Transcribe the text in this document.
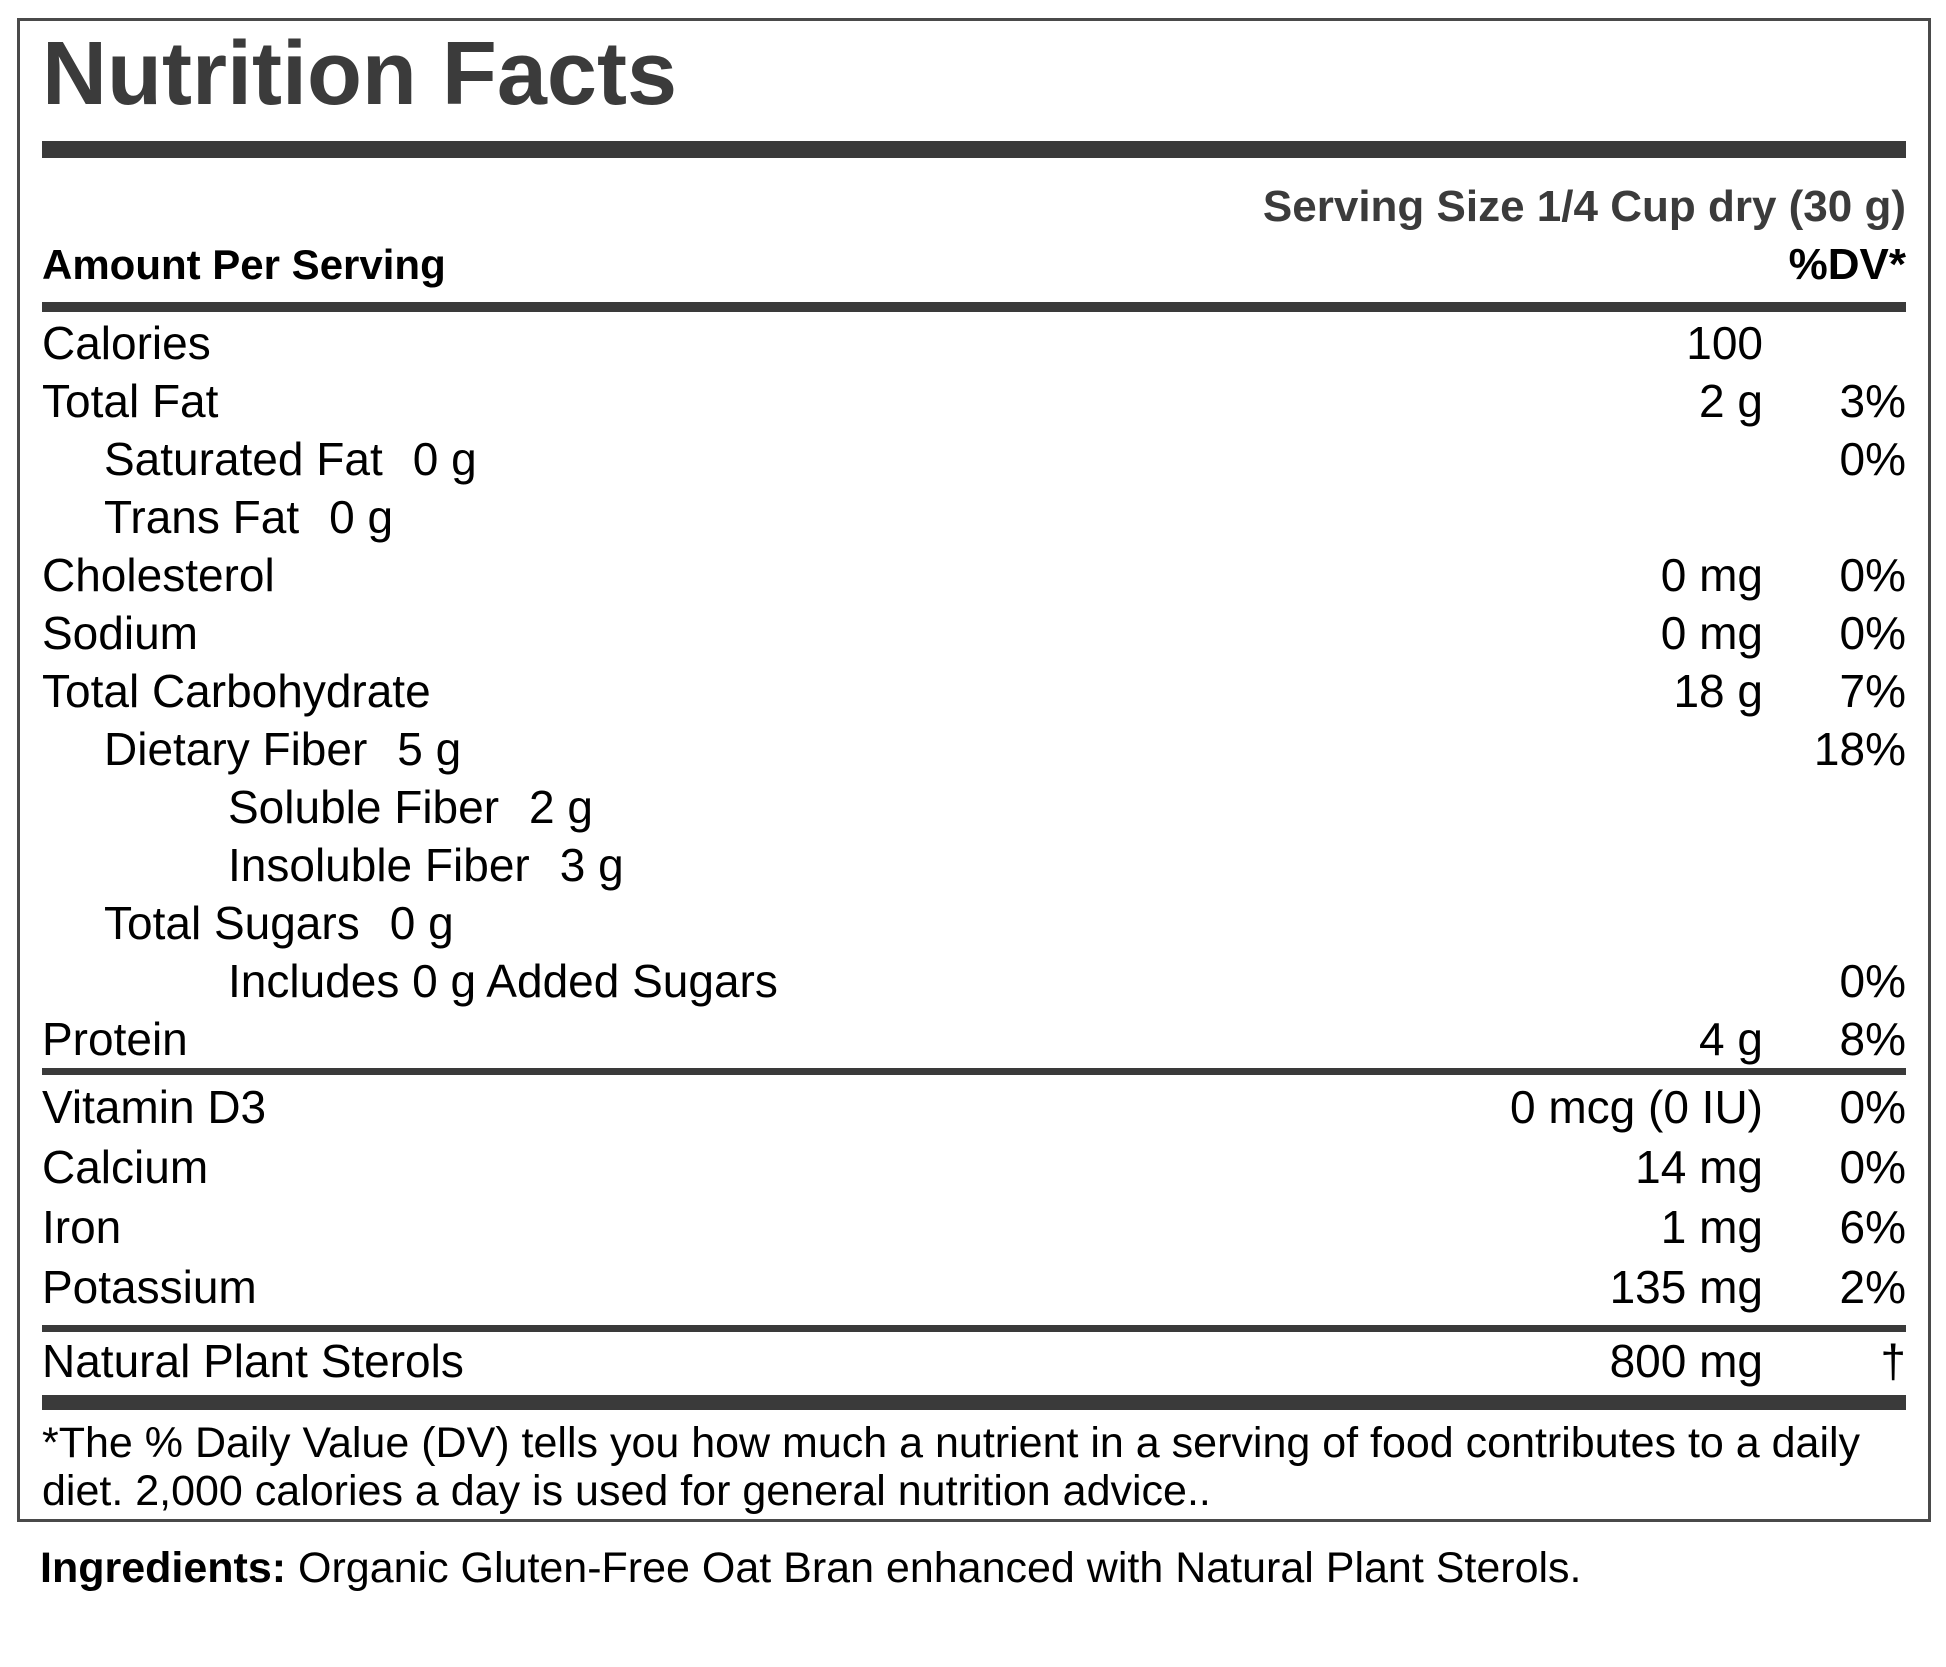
Nutrition Facts
Serving Size 1/4 Cup dry (30 g)
Amount Per Serving	%DV*
Calories	100
Total Fat	2 g	3%
Saturated Fat 0 g	0%
Trans Fat 0 g
Cholesterol	0 mg	0%
Sodium	0 mg	0%
Total Carbohydrate	18 g	7%
Dietary Fiber 5 g	18%
Soluble Fiber 2 g
Insoluble Fiber 3 g
Total Sugars 0 g
Includes 0 g Added Sugars	0%
Protein	4 g	8%
Vitamin D3	0 mcg (0 IU)	0%
Calcium	14 mg	0%
Iron	1 mg	6%
Potassium	135 mg	2%
Natural Plant Sterols	800 mg	†
*The % Daily Value (DV) tells you how much a nutrient in a serving of food contributes to a daily diet. 2,000 calories a day is used for general nutrition advice..
Ingredients: Organic Gluten-Free Oat Bran enhanced with Natural Plant Sterols.
